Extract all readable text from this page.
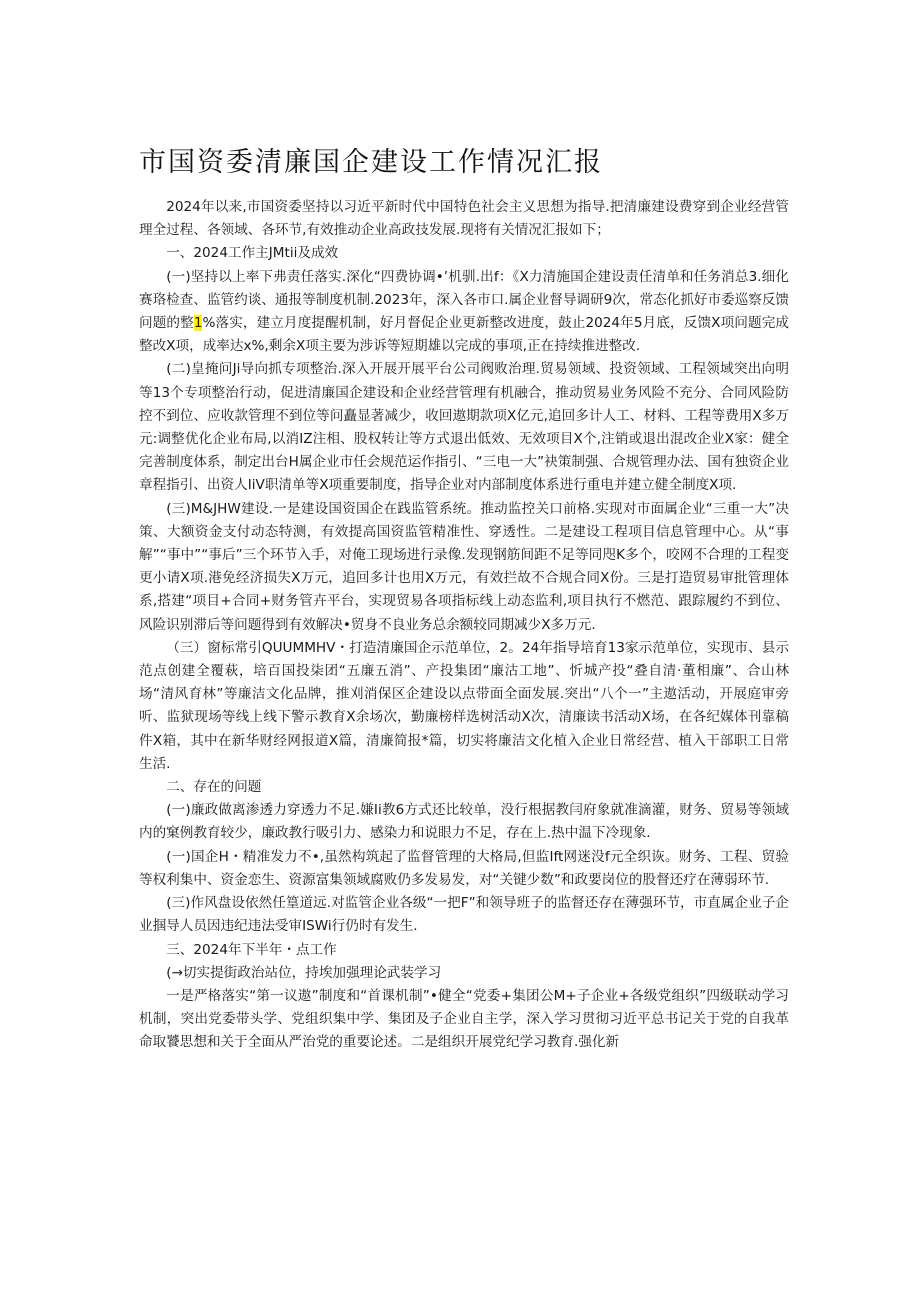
市国资委清廉国企建设工作情况汇报

2024年以来,市国资委坚持以习近平新时代中国特色社会主义思想为指导.把清廉建设费穿到企业经营管理全过程、各领域、各环节,有效推动企业高政技发展.现将有关情况汇报如下；

一、2024工作主JMtii及成效

(一)坚持以上率下弗责任落实.深化“四费协调•’机驯.出f：《X力清施国企建设责任清单和任务消总3.细化赛珞检查、监管约谈、通报等制度机制.2023年，深入各市口.属企业督导调研9次，常态化抓好市委巡察反馈问题的整1%落实，建立月度提醒机制，好月督促企业更新整改进度，鼓止2024年5月底，反馈X项问题完成整改X项，成率达x%,剩余X项主要为涉诉等短期雄以完成的事项,正在持续推进整改.

(二)皇掩问Ji导向抓专项整治.深入开展开展平台公司阀败治理.贸易领域、投资领域、工程领域突出向明等13个专项整治行动，促进清廉国企建设和企业经营管理有机融合，推动贸易业务风险不充分、合同风险防控不到位、应收款管理不到位等问矗显著减少，收回遨期款项X亿元,追回多计人工、材料、工程等费用X多万元:调整优化企业布局,以消IZ注相、股权转让等方式退出低效、无效项目X个,注销或退出混改企业X家：健全完善制度体系，制定出台H属企业市任会规范运作指引、“三电一大”袂策制强、合规管理办法、国有独资企业章程指引、出资人IiV职清单等X项重要制度，指导企业对内部制度体系进行重电并建立健全制度X项.

(三)M&JHW建设.一是建设国资国企在践监管系统。推动监控关口前格.实现对市面属企业“三重一大”决策、大额资金支付动态特测，有效提高国资监管精准性、穿透性。二是建设工程项目信息管理中心。从“事解”“事中”“事后”三个环节入手，对俺工现场进行录像.发现钢筋间距不足等同咫K多个，咬网不合理的工程变更小请X项.港免经济损失X万元，追回多计也用X万元，有效拦故不合规合同X份。三是打造贸易审批管理体系,搭建“项目+合同+财务管卉平台，实现贸易各项指标线上动态监利,项目执行不燃范、跟踪履约不到位、风险识别滞后等问题得到有效解决•贸身不良业务总余额较同期减少X多万元.

（三）窗标常引QUUMMHV・打造清廉国企示范单位，2。24年指导培育13家示范单位，实现市、县示范点创建全覆萩，培百国投柒团“五廉五消”、产投集团“廉沽工地”、忻城产投“叠自清·董相廉”、合山林场“清风育林”等廉洁文化品牌，推刈消保区企建设以点带面全面发展.突出“八个一”主遨活动，开展庭审旁听、监狱现场等线上线下警示教育X余场次，勤廉榜样选树活动X次，清廉读书活动X场，在各纪媒体刊靠稿件X箱，其中在新华财经网报道X篇，清廉简报*篇，切实将廉洁文化植入企业日常经营、植入干部职工日常生活.

二、存在的问题

(一)廉政做离渗透力穿透力不足.嫌Ii教6方式还比较单，没行根据教闫府象就准滴灌，财务、贸易等领域内的窠例教育较少，廉政教行吸引力、感染力和说眼力不足，存在上.热中温下冷现象.

(一)国企H・精准发力不•,虽然构筑起了监督管理的大格局,但监Ift网迷没f元全织诙。财务、工程、贸验等权利集中、资金恋生、资源富集领域腐败仍多发易发，对“关键少数”和政要岗位的股督还疗在薄弱环节.

(三)作风盘设依然任篁道远.对监管企业各级“一把F”和领导班子的监督还存在薄强环节，市直属企业子企业掴导人员因违纪违法受审ISWi行仍时有发生.

三、2024年下半年・点工作

(→切实提街政治站位，持埃加强理论武装学习

一是严格落实“第一议遨”制度和“首课机制”•健全“党委+集团公M+子企业+各级党组织”四级联动学习机制，突出党委带头学、党组织集中学、集团及子企业自主学，深入学习贯彻习近平总书记关于党的自我革命取饕思想和关于全面从严治党的重要论述。二是组织开展党纪学习教育.强化新
